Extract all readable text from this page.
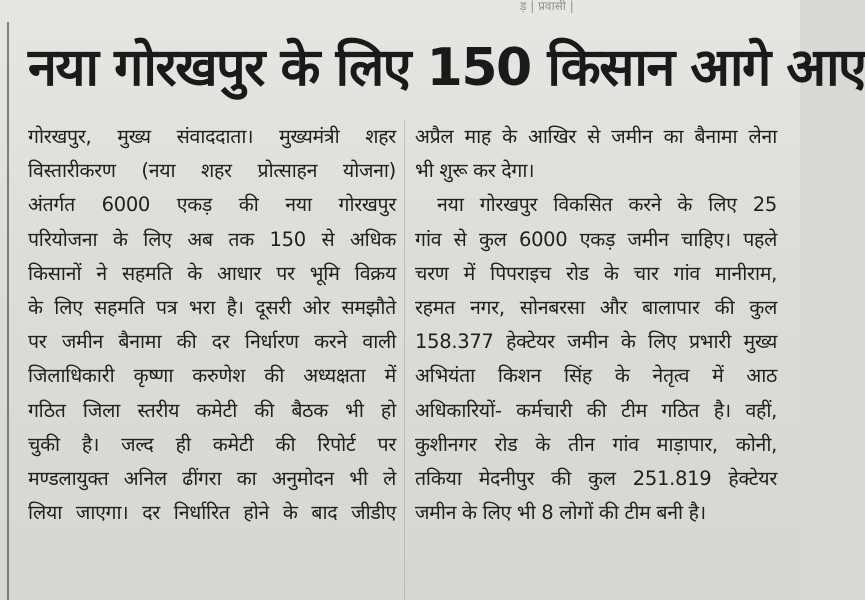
ड़ | प्रवासी |
नया गोरखपुर के लिए 150 किसान आगे आए
गोरखपुर, मुख्य संवाददाता। मुख्यमंत्री शहर
विस्तारीकरण (नया शहर प्रोत्साहन योजना)
अंतर्गत 6000 एकड़ की नया गोरखपुर
परियोजना के लिए अब तक 150 से अधिक
किसानों ने सहमति के आधार पर भूमि विक्रय
के लिए सहमति पत्र भरा है। दूसरी ओर समझौते
पर जमीन बैनामा की दर निर्धारण करने वाली
जिलाधिकारी कृष्णा करुणेश की अध्यक्षता में
गठित जिला स्तरीय कमेटी की बैठक भी हो
चुकी है। जल्द ही कमेटी की रिपोर्ट पर
मण्डलायुक्त अनिल ढींगरा का अनुमोदन भी ले
लिया जाएगा। दर निर्धारित होने के बाद जीडीए
अप्रैल माह के आखिर से जमीन का बैनामा लेना
भी शुरू कर देगा।
नया गोरखपुर विकसित करने के लिए 25
गांव से कुल 6000 एकड़ जमीन चाहिए। पहले
चरण में पिपराइच रोड के चार गांव मानीराम,
रहमत नगर, सोनबरसा और बालापार की कुल
158.377 हेक्टेयर जमीन के लिए प्रभारी मुख्य
अभियंता किशन सिंह के नेतृत्व में आठ
अधिकारियों- कर्मचारी की टीम गठित है। वहीं,
कुशीनगर रोड के तीन गांव माड़ापार, कोनी,
तकिया मेदनीपुर की कुल 251.819 हेक्टेयर
जमीन के लिए भी 8 लोगों की टीम बनी है।
